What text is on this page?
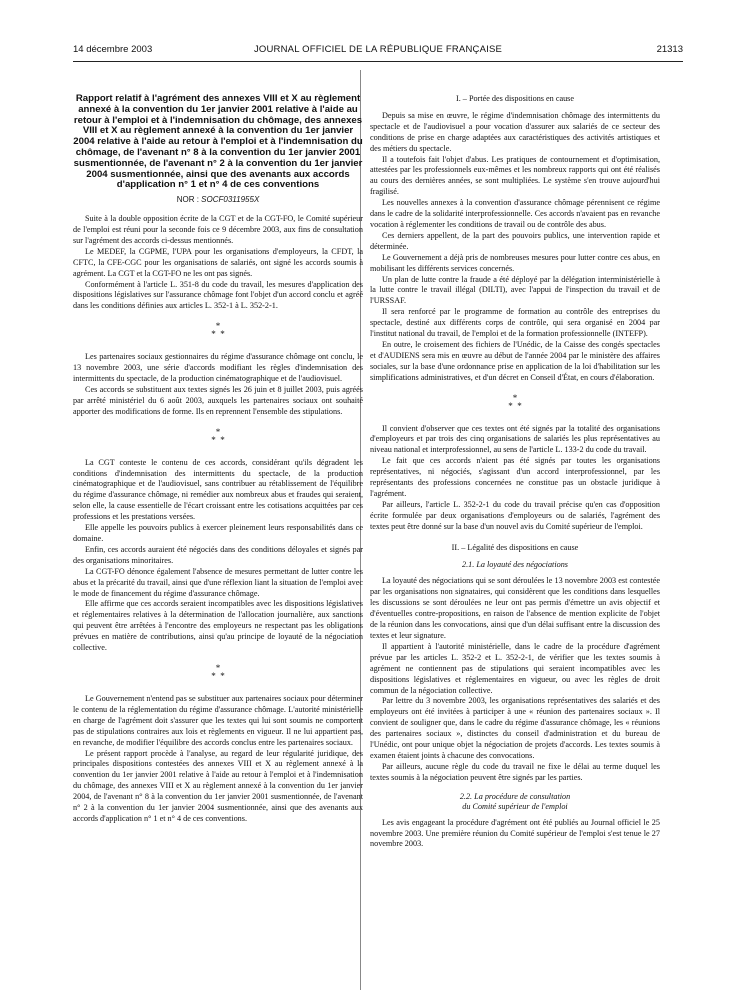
14 décembre 2003	JOURNAL OFFICIEL DE LA RÉPUBLIQUE FRANÇAISE	21313
Rapport relatif à l'agrément des annexes VIII et X au règlement annexé à la convention du 1er janvier 2001 relative à l'aide au retour à l'emploi et à l'indemnisation du chômage, des annexes VIII et X au règlement annexé à la convention du 1er janvier 2004 relative à l'aide au retour à l'emploi et à l'indemnisation du chômage, de l'avenant n° 8 à la convention du 1er janvier 2001 susmentionnée, de l'avenant n° 2 à la convention du 1er janvier 2004 susmentionnée, ainsi que des avenants aux accords d'application n° 1 et n° 4 de ces conventions
NOR : SOCF0311955X

Suite à la double opposition écrite de la CGT et de la CGT-FO, le Comité supérieur de l'emploi est réuni pour la seconde fois ce 9 décembre 2003, aux fins de consultation sur l'agrément des accords ci-dessus mentionnés.

Le MEDEF, la CGPME, l'UPA pour les organisations d'employeurs, la CFDT, la CFTC, la CFE-CGC pour les organisations de salariés, ont signé les accords soumis à agrément. La CGT et la CGT-FO ne les ont pas signés.

Conformément à l'article L. 351-8 du code du travail, les mesures d'application des dispositions législatives sur l'assurance chômage font l'objet d'un accord conclu et agréé dans les conditions définies aux articles L. 352-1 à L. 352-2-1.

*
*  *

Les partenaires sociaux gestionnaires du régime d'assurance chômage ont conclu, le 13 novembre 2003, une série d'accords modifiant les règles d'indemnisation des intermittents du spectacle, de la production cinématographique et de l'audiovisuel.

Ces accords se substituent aux textes signés les 26 juin et 8 juillet 2003, puis agréés par arrêté ministériel du 6 août 2003, auxquels les partenaires sociaux ont souhaité apporter des modifications de forme. Ils en reprennent l'ensemble des stipulations.

*
*  *

La CGT conteste le contenu de ces accords, considérant qu'ils dégradent les conditions d'indemnisation des intermittents du spectacle, de la production cinématographique et de l'audiovisuel, sans contribuer au rétablissement de l'équilibre du régime d'assurance chômage, ni remédier aux nombreux abus et fraudes qui seraient, selon elle, la cause essentielle de l'écart croissant entre les cotisations acquittées par ces professions et les prestations versées.

Elle appelle les pouvoirs publics à exercer pleinement leurs responsabilités dans ce domaine.

Enfin, ces accords auraient été négociés dans des conditions déloyales et signés par des organisations minoritaires.

La CGT-FO dénonce également l'absence de mesures permettant de lutter contre les abus et la précarité du travail, ainsi que d'une réflexion liant la situation de l'emploi avec le mode de financement du régime d'assurance chômage.

Elle affirme que ces accords seraient incompatibles avec les dispositions législatives et réglementaires relatives à la détermination de l'allocation journalière, aux sanctions qui peuvent être arrêtées à l'encontre des employeurs ne respectant pas les obligations prévues en matière de contributions, ainsi qu'au principe de loyauté de la négociation collective.

*
*  *

Le Gouvernement n'entend pas se substituer aux partenaires sociaux pour déterminer le contenu de la réglementation du régime d'assurance chômage. L'autorité ministérielle en charge de l'agrément doit s'assurer que les textes qui lui sont soumis ne comportent pas de stipulations contraires aux lois et règlements en vigueur. Il ne lui appartient pas, en revanche, de modifier l'équilibre des accords conclus entre les partenaires sociaux.

Le présent rapport procède à l'analyse, au regard de leur régularité juridique, des principales dispositions contestées des annexes VIII et X au règlement annexé à la convention du 1er janvier 2001 relative à l'aide au retour à l'emploi et à l'indemnisation du chômage, des annexes VIII et X au règlement annexé à la convention du 1er janvier 2004, de l'avenant n° 8 à la convention du 1er janvier 2001 susmentionnée, de l'avenant n° 2 à la convention du 1er janvier 2004 susmentionnée, ainsi que des avenants aux accords d'application n° 1 et n° 4 de ces conventions.

I. – Portée des dispositions en cause

Depuis sa mise en œuvre, le régime d'indemnisation chômage des intermittents du spectacle et de l'audiovisuel a pour vocation d'assurer aux salariés de ce secteur des conditions de prise en charge adaptées aux caractéristiques des activités artistiques et des métiers du spectacle.

Il a toutefois fait l'objet d'abus. Les pratiques de contournement et d'optimisation, attestées par les professionnels eux-mêmes et les nombreux rapports qui ont été réalisés au cours des dernières années, se sont multipliées. Le système s'en trouve aujourd'hui fragilisé.

Les nouvelles annexes à la convention d'assurance chômage pérennisent ce régime dans le cadre de la solidarité interprofessionnelle. Ces accords n'avaient pas en revanche vocation à réglementer les conditions de travail ou de contrôle des abus.

Ces derniers appellent, de la part des pouvoirs publics, une intervention rapide et déterminée.

Le Gouvernement a déjà pris de nombreuses mesures pour lutter contre ces abus, en mobilisant les différents services concernés.

Un plan de lutte contre la fraude a été déployé par la délégation interministérielle à la lutte contre le travail illégal (DILTI), avec l'appui de l'inspection du travail et de l'URSSAF.

Il sera renforcé par le programme de formation au contrôle des entreprises du spectacle, destiné aux différents corps de contrôle, qui sera organisé en 2004 par l'institut national du travail, de l'emploi et de la formation professionnelle (INTEFP).

En outre, le croisement des fichiers de l'Unédic, de la Caisse des congés spectacles et d'AUDIENS sera mis en œuvre au début de l'année 2004 par le ministère des affaires sociales, sur la base d'une ordonnance prise en application de la loi d'habilitation sur les simplifications administratives, et d'un décret en Conseil d'État, en cours d'élaboration.

*
*  *

Il convient d'observer que ces textes ont été signés par la totalité des organisations d'employeurs et par trois des cinq organisations de salariés les plus représentatives au niveau national et interprofessionnel, au sens de l'article L. 133-2 du code du travail.

Le fait que ces accords n'aient pas été signés par toutes les organisations représentatives, ni négociés, s'agissant d'un accord interprofessionnel, par les représentants des professions concernées ne constitue pas un obstacle juridique à l'agrément.

Par ailleurs, l'article L. 352-2-1 du code du travail précise qu'en cas d'opposition écrite formulée par deux organisations d'employeurs ou de salariés, l'agrément des textes peut être donné sur la base d'un nouvel avis du Comité supérieur de l'emploi.

II. – Légalité des dispositions en cause

2.1. La loyauté des négociations

La loyauté des négociations qui se sont déroulées le 13 novembre 2003 est contestée par les organisations non signataires, qui considèrent que les conditions dans lesquelles les discussions se sont déroulées ne leur ont pas permis d'émettre un avis objectif et d'éventuelles contre-propositions, en raison de l'absence de mention explicite de l'objet de la réunion dans les convocations, ainsi que d'un délai suffisant entre la discussion des textes et leur signature.

Il appartient à l'autorité ministérielle, dans le cadre de la procédure d'agrément prévue par les articles L. 352-2 et L. 352-2-1, de vérifier que les textes soumis à agrément ne contiennent pas de stipulations qui seraient incompatibles avec les dispositions législatives et réglementaires en vigueur, ou avec les règles de droit commun de la négociation collective.

Par lettre du 3 novembre 2003, les organisations représentatives des salariés et des employeurs ont été invitées à participer à une « réunion des partenaires sociaux ». Il convient de souligner que, dans le cadre du régime d'assurance chômage, les « réunions des partenaires sociaux », distinctes du conseil d'administration et du bureau de l'Unédic, ont pour unique objet la négociation de projets d'accords. Les textes soumis à examen étaient joints à chacune des convocations.

Par ailleurs, aucune règle du code du travail ne fixe le délai au terme duquel les textes soumis à la négociation peuvent être signés par les parties.

2.2. La procédure de consultation
du Comité supérieur de l'emploi

Les avis engageant la procédure d'agrément ont été publiés au Journal officiel le 25 novembre 2003. Une première réunion du Comité supérieur de l'emploi s'est tenue le 27 novembre 2003.
